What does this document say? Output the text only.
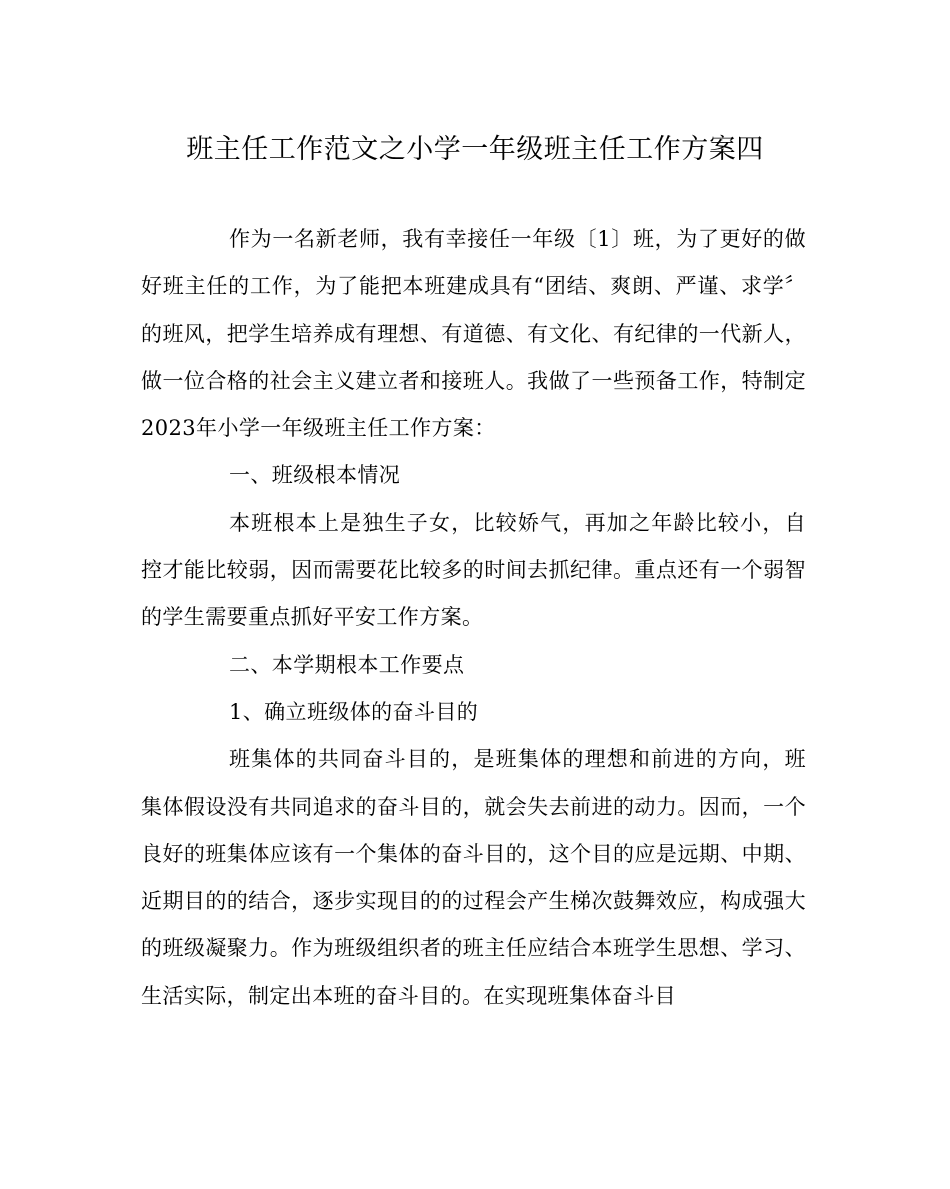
班主任工作范文之小学一年级班主任工作方案四

作为一名新老师，我有幸接任一年级〔1〕班，为了更好的做好班主任的工作，为了能把本班建成具有“团结、爽朗、严谨、求学〞的班风，把学生培养成有理想、有道德、有文化、有纪律的一代新人，做一位合格的社会主义建立者和接班人。我做了一些预备工作，特制定2023年小学一年级班主任工作方案：

一、班级根本情况

本班根本上是独生子女，比较娇气，再加之年龄比较小，自控才能比较弱，因而需要花比较多的时间去抓纪律。重点还有一个弱智的学生需要重点抓好平安工作方案。

二、本学期根本工作要点

1、确立班级体的奋斗目的

班集体的共同奋斗目的，是班集体的理想和前进的方向，班集体假设没有共同追求的奋斗目的，就会失去前进的动力。因而，一个良好的班集体应该有一个集体的奋斗目的，这个目的应是远期、中期、近期目的的结合，逐步实现目的的过程会产生梯次鼓舞效应，构成强大的班级凝聚力。作为班级组织者的班主任应结合本班学生思想、学习、生活实际，制定出本班的奋斗目的。在实现班集体奋斗目
